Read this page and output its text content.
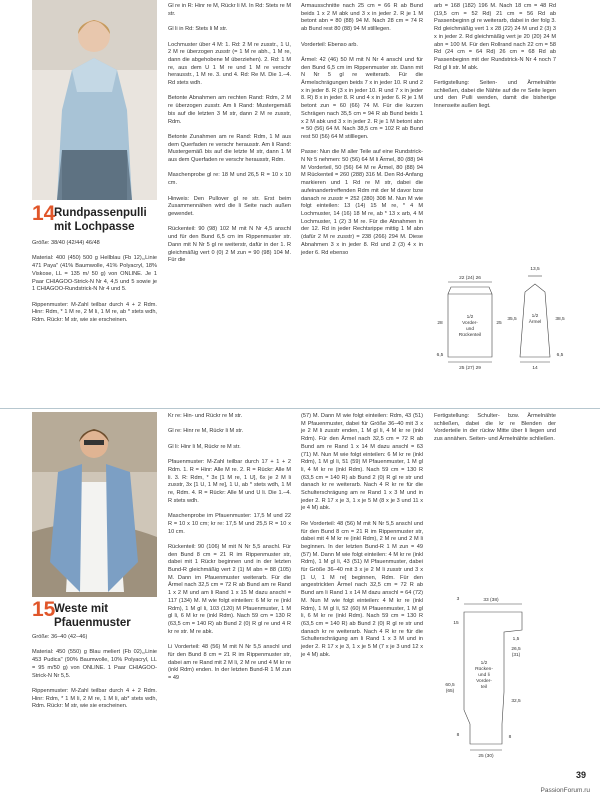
14
Rundpassenpulli
mit Lochpasse
Größe: 38/40 (42/44) 46/48

Material: 400 (450) 500 g Hellblau (Fb 12),„Linie 471 Paya" (41% Baumwolle, 41% Polyacryl, 18% Viskose, LL = 135 m/ 50 g) von ONLINE. Je 1 Paar CHIAGOO-Strick-N Nr 4, 4,5 und 5 sowie je 1 CHIAGOO-Rundstrick-N Nr 4 und 5.

Rippenmuster: M-Zahl teilbar durch 4 + 2 Rdm. Hinr: Rdm, * 1 M re, 2 M li, 1 M re, ab * stets wdh, Rdm. Rückr: M str, wie sie erscheinen.
Gl re in R: Hinr re M, Rückr li M. In Rd: Stets re M str.

Gl li in Rd: Stets li M str.

Lochmuster über 4 M: 1. Rd: 2 M re zusstr., 1 U, 2 M re überzogen zusstr (= 1 M re abh., 1 M re, dann die abgehobene M überziehen). 2. Rd: 1 M re, aus dem U 1 M re und 1 M re verschr herausstr., 1 M re. 3. und 4. Rd: Re M. Die 1.–4. Rd stets wdh.

Betonte Abnahmen am rechten Rand: Rdm, 2 M re überzogen zusstr. Am li Rand: Mustergemäß bis auf die letzten 3 M str, dann 2 M re zusstr, Rdm.

Betonte Zunahmen am re Rand: Rdm, 1 M aus dem Querfaden re verschr herausstr. Am li Rand: Mustergemäß bis auf die letzte M str, dann 1 M aus dem Querfaden re verschr herausstr, Rdm.

Maschenprobe gl re: 18 M und 26,5 R = 10 x 10 cm.

Hinweis: Den Pullover gl re str. Erst beim Zusammennähen wird die li Seite nach außen gewendet.

Rückenteil: 90 (98) 102 M mit N Nr 4,5 anschl und für den Bund 6,5 cm im Rippenmuster str. Dann mit N Nr 5 gl re weiterstr, dafür in der 1. R gleichmäßig vert 0 (0) 2 M zun = 90 (98) 104 M. Für die
Armausschnitte nach 25 cm = 66 R ab Bund beids 1 x 2 M abk und 3 x in jeder 2. R je 1 M betont abn = 80 (88) 94 M. Nach 28 cm = 74 R ab Bund rest 80 (88) 94 M stilllegen.

Vorderteil: Ebenso arb.

Ärmel: 42 (46) 50 M mit N Nr 4 anschl und für den Bund 6,5 cm im Rippenmuster str. Dann mit N Nr 5 gl re weiterarb. Für die Ärmelschrägungen beids 7 x in jeder 10. R und 2 x in jeder 8. R (3 x in jeder 10. R und 7 x in jeder 8. R) 8 x in jeder 8. R und 4 x in jeder 6. R je 1 M betont zun = 60 (66) 74 M. Für die kurzen Schrägen nach 35,5 cm = 94 R ab Bund beids 1 x 2 M abk und 3 x in jeder 2. R je 1 M betont abn = 50 (56) 64 M. Nach 38,5 cm = 102 R ab Bund rest 50 (56) 64 M stilllegen.

Passe: Nun die M aller Teile auf eine Rundstrick-N Nr 5 nehmen: 50 (56) 64 M li Ärmel, 80 (88) 94 M Vorderteil, 50 (56) 64 M re Ärmel, 80 (88) 94 M Rückenteil = 260 (288) 316 M. Den Rd-Anfang markieren und 1 Rd re M str, dabei die aufeinandertreffenden Rdm mit der M davor bzw danach re zusstr = 252 (280) 308 M. Nun M wie folgt einteilen: 13 (14) 15 M re, * 4 M Lochmuster, 14 (16) 18 M re, ab * 13 x arb, 4 M Lochmuster, 1 (2) 3 M re. Für die Abnahmen in der 12. Rd in jeder Rechtsrippe mittig 1 M abn (dafür 2 M re zusstr) = 238 (266) 294 M. Diese Abnahmen 3 x in jeder 8. Rd und 2 (3) 4 x in jeder 6. Rd ebenso
arb = 168 (182) 196 M. Nach 18 cm = 48 Rd (19,5 cm = 52 Rd) 21 cm = 56 Rd ab Passenbeginn gl re weiterarb, dabei in der folg 3. Rd gleichmäßig vert 1 x 28 (22) 24 M und 2 (3) 3 x in jeder 2. Rd gleichmäßig vert je 20 (20) 24 M abn = 100 M. Für den Rollrand nach 22 cm = 58 Rd (24 cm = 64 Rd) 26 cm = 68 Rd ab Passenbeginn mit der Rundstrick-N Nr 4 noch 7 Rd gl li str. M abk.

Fertigstellung: Seiten- und Ärmelnähte schließen, dabei die Nähte auf die re Seite legen und den Pulli wenden, damit die bisherige Innenseite außen liegt.
22 (24) 26
1/2 Vorder-und Rückenteil
28	25
6,5
25 (27) 29
13,5
1/2 Ärmel
35,5	38,5
6,5
14
15
Weste mit
Pfauenmuster
Größe: 36–40 (42–46)

Material: 450 (550) g Blau meliert (Fb 02),„Linie 453 Pudica" (90% Baumwolle, 10% Polyacryl, LL = 95 m/50 g) von ONLINE. 1 Paar CHIAGOO-Strick-N Nr 5,5.

Rippenmuster: M-Zahl teilbar durch 4 + 2 Rdm. Hinr: Rdm, * 1 M li, 2 M re, 1 M li, ab* stets wdh, Rdm. Rückr: M str, wie sie erscheinen.
Kr re: Hin- und Rückr re M str.

Gl re: Hinr re M, Rückr li M str.

Gl li: Hinr li M, Rückr re M str.

Pfauenmuster: M-Zahl teilbar durch 17 + 1 + 2 Rdm. 1. R = Hinr: Alle M re. 2. R = Rückr: Alle M li. 3. R: Rdm, * 3x [1 M re, 1 U], 6x je 2 M li zusstr, 3x [1 U, 1 M re], 1 U, ab * stets wdh, 1 M re, Rdm. 4. R = Rückr: Alle M und U li. Die 1.–4. R stets wdh.

Maschenprobe im Pfauenmuster: 17,5 M und 22 R = 10 x 10 cm; kr re: 17,5 M und 25,5 R = 10 x 10 cm.

Rückenteil: 90 (106) M mit N Nr 5,5 anschl. Für den Bund 8 cm = 21 R im Rippenmuster str, dabei mit 1 Rückr beginnen und in der letzten Bund-R gleichmäßig vert 2 (1) M abn = 88 (105) M. Dann im Pfauenmuster weiterarb. Für die Ärmel nach 32,5 cm = 72 R ab Bund am re Rand 1 x 2 M und am li Rand 1 x 15 M dazu anschl = 117 (134) M. M wie folgt einteilen: 6 M kr re (inkl Rdm), 1 M gl li, 103 (120) M Pfauenmuster, 1 M gl li, 6 M kr re (inkl Rdm). Nach 59 cm = 130 R (63,5 cm = 140 R) ab Bund 2 (0) R gl re und 4 R kr re str. M re abk.

Li Vorderteil: 48 (56) M mit N Nr 5,5 anschl und für den Bund 8 cm = 21 R im Rippenmuster str, dabei am re Rand mit 2 M li, 2 M re und 4 M kr re (inkl Rdm) enden. In der letzten Bund-R 1 M zun = 49
(57) M. Dann M wie folgt einteilen: Rdm, 43 (51) M Pfauenmuster, dabei für Größe 36–40 mit 3 x je 2 M li zusstr enden, 1 M gl li, 4 M kr re (inkl Rdm). Für den Ärmel nach 32,5 cm = 72 R ab Bund am re Rand 1 x 14 M dazu anschl = 63 (71) M. Nun M wie folgt einteilen: 6 M kr re (inkl Rdm), 1 M gl li, 51 (59) M Pfauenmuster, 1 M gl li, 4 M kr re (inkl Rdm). Nach 59 cm = 130 R (63,5 cm = 140 R) ab Bund 2 (0) R gl re str und danach kr re weiterarb. Nach 4 R kr re für die Schulterschrägung am re Rand 1 x 3 M und in jeder 2. R 17 x je 3, 1 x je 5 M (8 x je 3 und 11 x je 4 M) abk.

Re Vorderteil: 48 (56) M mit N Nr 5,5 anschl und für den Bund 8 cm = 21 R im Rippenmuster str, dabei mit 4 M kr re (inkl Rdm), 2 M re und 2 M li beginnen. In der letzten Bund-R 1 M zun = 49 (57) M. Dann M wie folgt einteilen: 4 M kr re (inkl Rdm), 1 M gl li, 43 (51) M Pfauenmuster, dabei für Größe 36–40 mit 3 x je 2 M li zusstr und 3 x [1 U, 1 M re] beginnen, Rdm. Für den angestrickten Ärmel nach 32,5 cm = 72 R ab Bund am li Rand 1 x 14 M dazu anschl = 64 (72) M. Nun M wie folgt einteilen: 4 M kr re (inkl Rdm), 1 M gl li, 52 (60) M Pfauenmuster, 1 M gl li, 6 M kr re (inkl Rdm). Nach 59 cm = 130 R (63,5 cm = 140 R) ab Bund 2 (0) R gl re str und danach kr re weiterarb. Nach 4 R kr re für die Schulterschrägung am li Rand 1 x 3 M und in jeder 2. R 17 x je 3, 1 x je 5 M (7 x je 3 und 12 x je 4 M) abk.
Fertigstellung: Schulter- bzw. Ärmelnähte schließen, dabei die kr re Blenden der Vorderteile in der rückw Mitte über li liegen und zus annähen. Seiten- und Ärmelnähte schließen.
3	33 (38)
15
1,5
26,5
(31)
60,5
(65)
32,5
8
25 (30)
8
1/2 Rücken-und li Vorder-teil
39
PassionForum.ru
